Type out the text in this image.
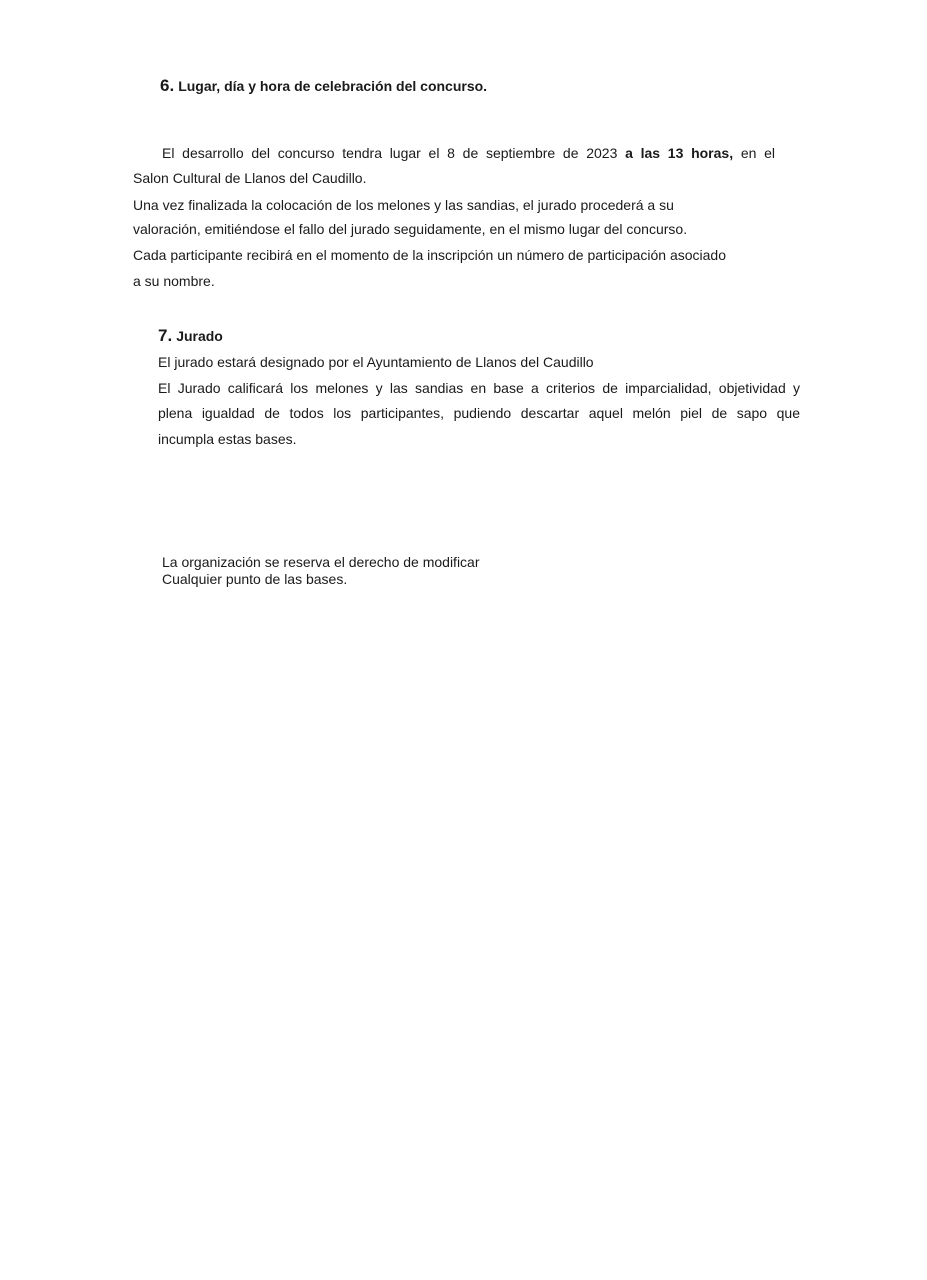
6. Lugar, día y hora de celebración del concurso.
El desarrollo del concurso tendra lugar el 8 de septiembre de 2023 a las 13 horas, en el
Salon Cultural de Llanos del Caudillo.
Una vez finalizada la colocación de los melones y las sandias, el jurado procederá a su
valoración, emitiéndose el fallo del jurado seguidamente, en el mismo lugar del concurso.
Cada participante recibirá en el momento de la inscripción un número de participación asociado
a su nombre.
7. Jurado
El jurado estará designado por el Ayuntamiento de Llanos del Caudillo
El Jurado calificará los melones y las sandias en base a criterios de imparcialidad, objetividad y
plena igualdad de todos los participantes, pudiendo descartar aquel melón piel de sapo que
incumpla estas bases.
La organización se reserva el derecho de modificar
Cualquier punto de las bases.
